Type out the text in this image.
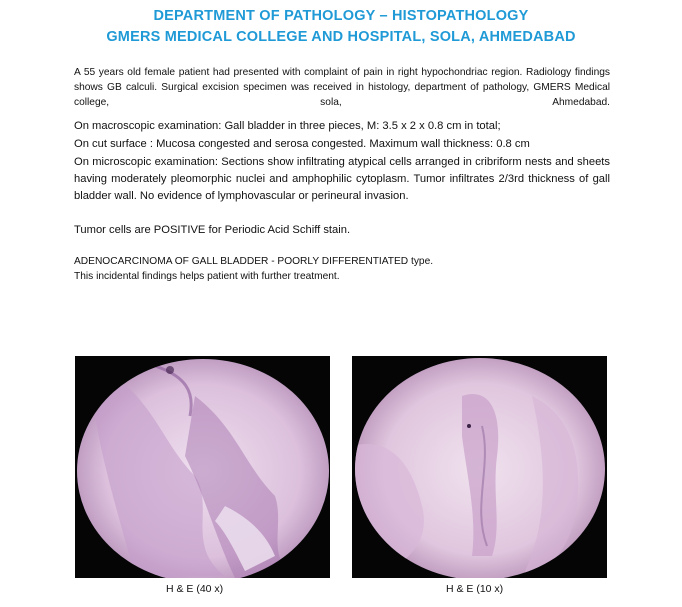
DEPARTMENT OF PATHOLOGY – HISTOPATHOLOGY
GMERS MEDICAL COLLEGE AND HOSPITAL, SOLA, AHMEDABAD
A 55 years old female patient had presented with complaint of pain in right hypochondriac region. Radiology findings shows GB calculi. Surgical excision specimen was received in histology, department of pathology, GMERS Medical college, sola, Ahmedabad.
On macroscopic examination: Gall bladder in three pieces, M: 3.5 x 2 x 0.8 cm in total;
On cut surface : Mucosa congested and serosa congested. Maximum wall thickness: 0.8 cm
On microscopic examination: Sections show infiltrating atypical cells arranged in cribriform nests and sheets having moderately pleomorphic nuclei and amphophilic cytoplasm. Tumor infiltrates 2/3rd thickness of gall bladder wall. No evidence of lymphovascular or perineural invasion.
Tumor cells are POSITIVE for Periodic Acid Schiff stain.
ADENOCARCINOMA OF GALL BLADDER - POORLY DIFFERENTIATED type.
This incidental findings helps patient with further treatment.
H & E (40 x)	H & E (10 x)
